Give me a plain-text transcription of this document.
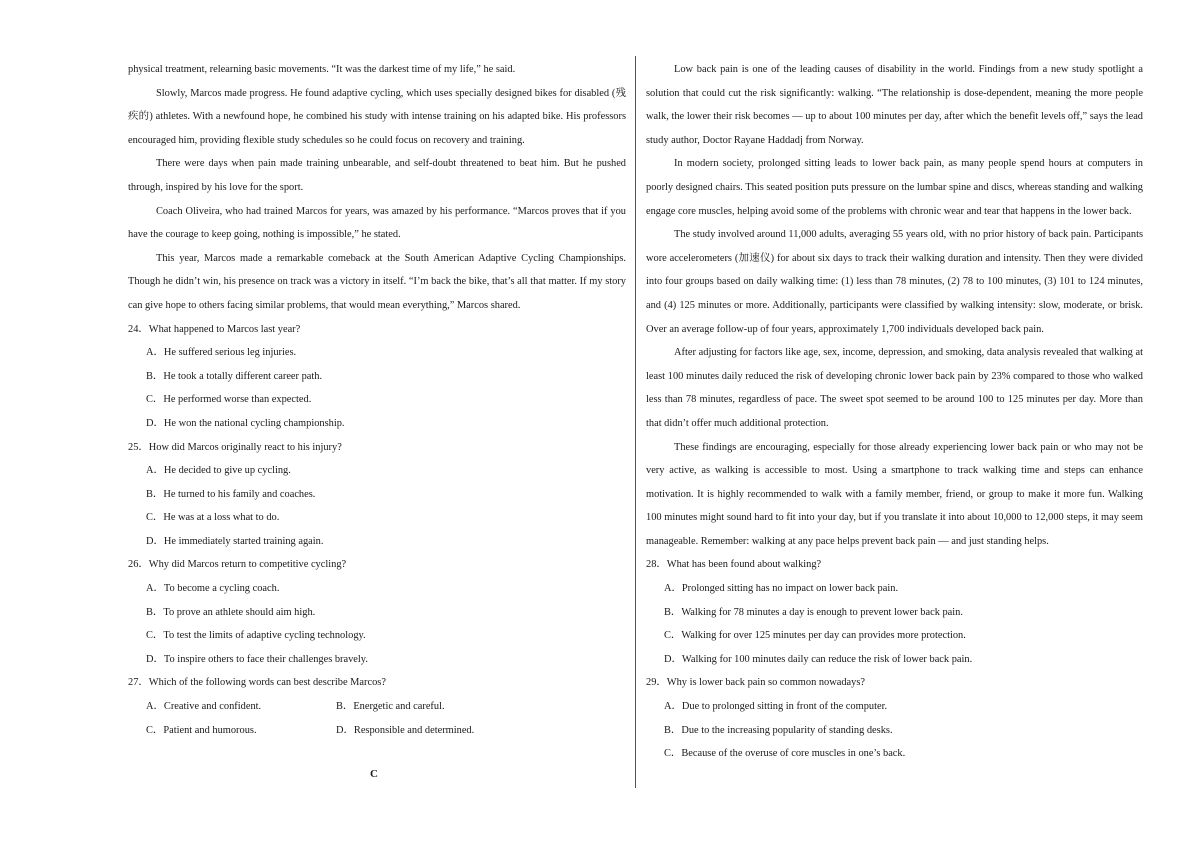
physical treatment, relearning basic movements. “It was the darkest time of my life,” he said.

Slowly, Marcos made progress. He found adaptive cycling, which uses specially designed bikes for disabled (残疾的) athletes. With a newfound hope, he combined his study with intense training on his adapted bike. His professors encouraged him, providing flexible study schedules so he could focus on recovery and training.

There were days when pain made training unbearable, and self-doubt threatened to beat him. But he pushed through, inspired by his love for the sport.

Coach Oliveira, who had trained Marcos for years, was amazed by his performance. “Marcos proves that if you have the courage to keep going, nothing is impossible,” he stated.

This year, Marcos made a remarkable comeback at the South American Adaptive Cycling Championships. Though he didn’t win, his presence on track was a victory in itself. “I’m back the bike, that’s all that matter. If my story can give hope to others facing similar problems, that would mean everything,” Marcos shared.

24．What happened to Marcos last year?
A．He suffered serious leg injuries.
B．He took a totally different career path.
C．He performed worse than expected.
D．He won the national cycling championship.
25．How did Marcos originally react to his injury?
A．He decided to give up cycling.
B．He turned to his family and coaches.
C．He was at a loss what to do.
D．He immediately started training again.
26．Why did Marcos return to competitive cycling?
A．To become a cycling coach.
B．To prove an athlete should aim high.
C．To test the limits of adaptive cycling technology.
D．To inspire others to face their challenges bravely.
27．Which of the following words can best describe Marcos?
A．Creative and confident.	B．Energetic and careful.
C．Patient and humorous.	D．Responsible and determined.
C

Low back pain is one of the leading causes of disability in the world. Findings from a new study spotlight a solution that could cut the risk significantly: walking. “The relationship is dose-dependent, meaning the more people walk, the lower their risk becomes — up to about 100 minutes per day, after which the benefit levels off,” says the lead study author, Doctor Rayane Haddadj from Norway.

In modern society, prolonged sitting leads to lower back pain, as many people spend hours at computers in poorly designed chairs. This seated position puts pressure on the lumbar spine and discs, whereas standing and walking engage core muscles, helping avoid some of the problems with chronic wear and tear that happens in the lower back.

The study involved around 11,000 adults, averaging 55 years old, with no prior history of back pain. Participants wore accelerometers (加速仪) for about six days to track their walking duration and intensity. Then they were divided into four groups based on daily walking time: (1) less than 78 minutes, (2) 78 to 100 minutes, (3) 101 to 124 minutes, and (4) 125 minutes or more. Additionally, participants were classified by walking intensity: slow, moderate, or brisk. Over an average follow-up of four years, approximately 1,700 individuals developed back pain.

After adjusting for factors like age, sex, income, depression, and smoking, data analysis revealed that walking at least 100 minutes daily reduced the risk of developing chronic lower back pain by 23% compared to those who walked less than 78 minutes, regardless of pace. The sweet spot seemed to be around 100 to 125 minutes per day. More than that didn’t offer much additional protection.

These findings are encouraging, especially for those already experiencing lower back pain or who may not be very active, as walking is accessible to most. Using a smartphone to track walking time and steps can enhance motivation. It is highly recommended to walk with a family member, friend, or group to make it more fun. Walking 100 minutes might sound hard to fit into your day, but if you translate it into about 10,000 to 12,000 steps, it may seem manageable. Remember: walking at any pace helps prevent back pain — and just standing helps.

28．What has been found about walking?
A．Prolonged sitting has no impact on lower back pain.
B．Walking for 78 minutes a day is enough to prevent lower back pain.
C．Walking for over 125 minutes per day can provides more protection.
D．Walking for 100 minutes daily can reduce the risk of lower back pain.
29．Why is lower back pain so common nowadays?
A．Due to prolonged sitting in front of the computer.
B．Due to the increasing popularity of standing desks.
C．Because of the overuse of core muscles in one’s back.
